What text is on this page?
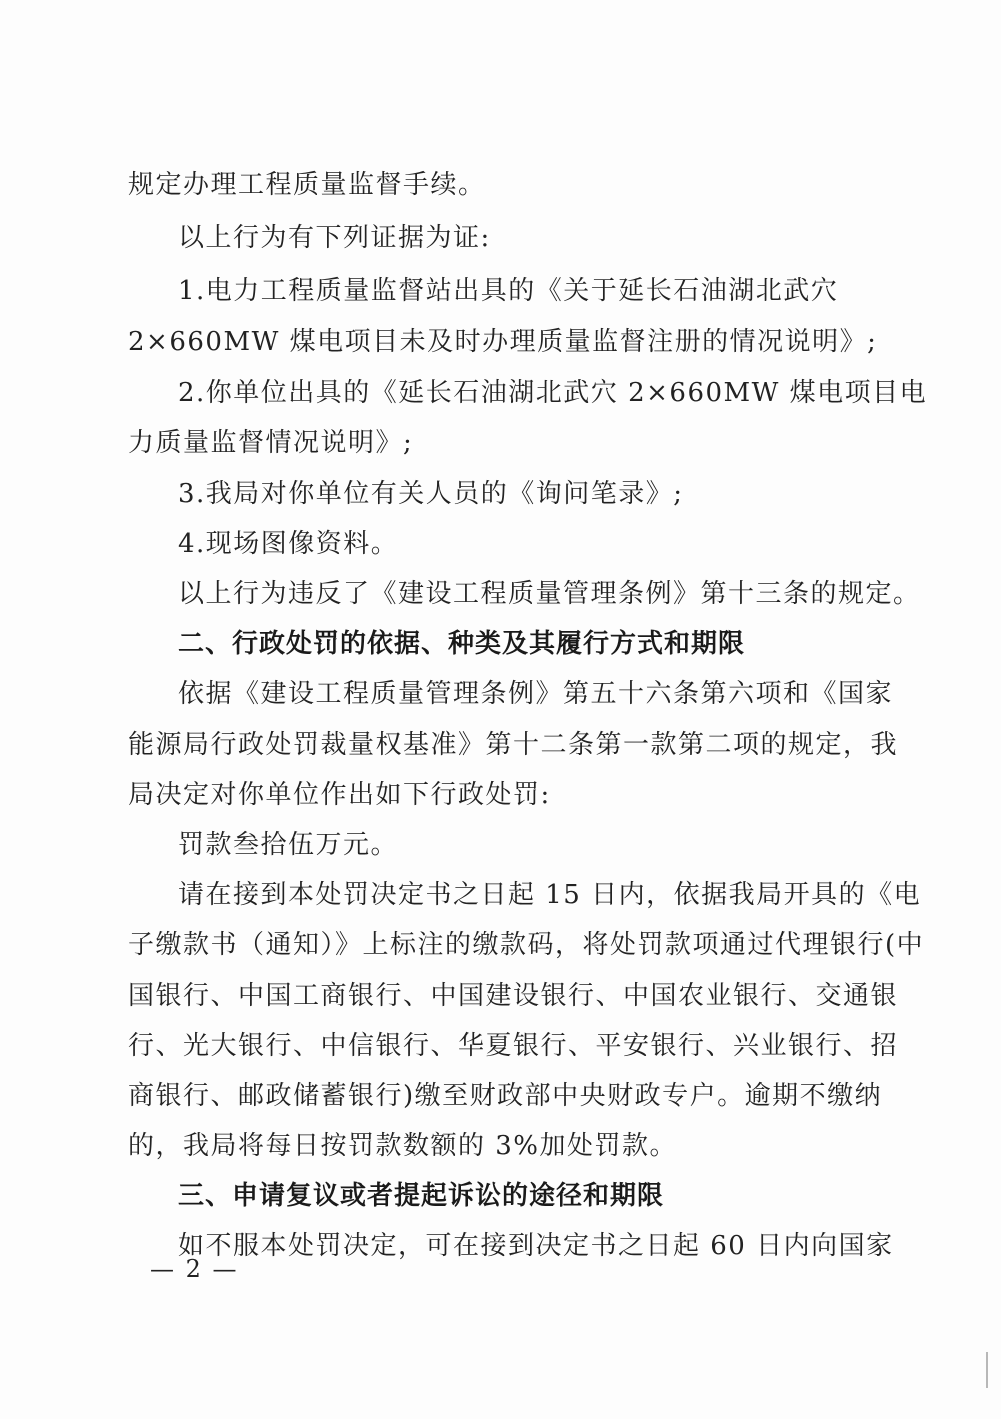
规定办理工程质量监督手续。
以上行为有下列证据为证:
1.电力工程质量监督站出具的《关于延长石油湖北武穴
2×660MW 煤电项目未及时办理质量监督注册的情况说明》;
2.你单位出具的《延长石油湖北武穴 2×660MW 煤电项目电
力质量监督情况说明》;
3.我局对你单位有关人员的《询问笔录》;
4.现场图像资料。
以上行为违反了《建设工程质量管理条例》第十三条的规定。
二、行政处罚的依据、种类及其履行方式和期限
依据《建设工程质量管理条例》第五十六条第六项和《国家
能源局行政处罚裁量权基准》第十二条第一款第二项的规定，我
局决定对你单位作出如下行政处罚:
罚款叁拾伍万元。
请在接到本处罚决定书之日起 15 日内，依据我局开具的《电
子缴款书（通知）》上标注的缴款码，将处罚款项通过代理银行(中
国银行、中国工商银行、中国建设银行、中国农业银行、交通银
行、光大银行、中信银行、华夏银行、平安银行、兴业银行、招
商银行、邮政储蓄银行)缴至财政部中央财政专户。逾期不缴纳
的，我局将每日按罚款数额的 3%加处罚款。
三、申请复议或者提起诉讼的途径和期限
如不服本处罚决定，可在接到决定书之日起 60 日内向国家
— 2 —
